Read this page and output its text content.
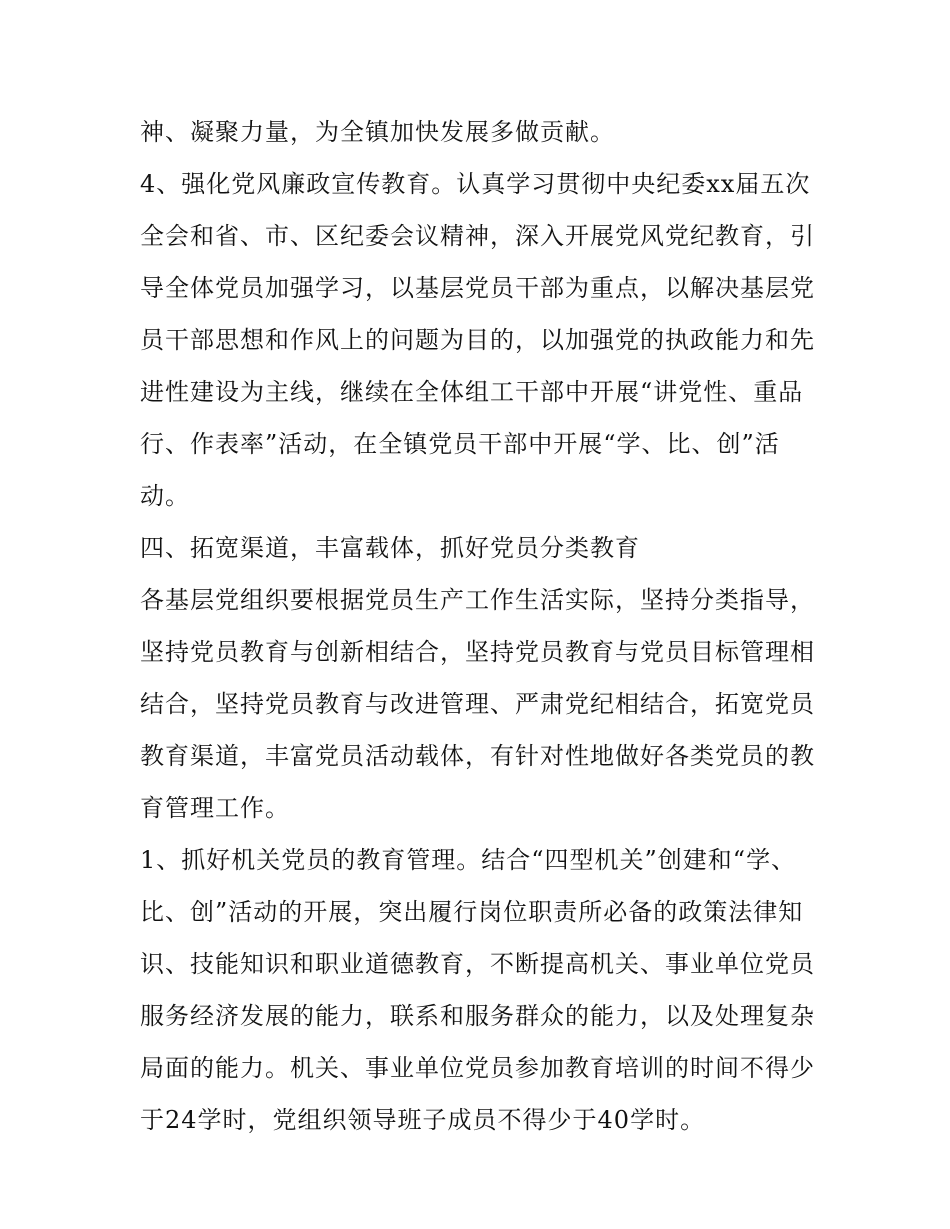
神、凝聚力量，为全镇加快发展多做贡献。
4、强化党风廉政宣传教育。认真学习贯彻中央纪委xx届五次
全会和省、市、区纪委会议精神，深入开展党风党纪教育，引
导全体党员加强学习，以基层党员干部为重点，以解决基层党
员干部思想和作风上的问题为目的，以加强党的执政能力和先
进性建设为主线，继续在全体组工干部中开展“讲党性、重品
行、作表率”活动，在全镇党员干部中开展“学、比、创”活
动。
四、拓宽渠道，丰富载体，抓好党员分类教育
各基层党组织要根据党员生产工作生活实际，坚持分类指导，
坚持党员教育与创新相结合，坚持党员教育与党员目标管理相
结合，坚持党员教育与改进管理、严肃党纪相结合，拓宽党员
教育渠道，丰富党员活动载体，有针对性地做好各类党员的教
育管理工作。
1、抓好机关党员的教育管理。结合“四型机关”创建和“学、
比、创”活动的开展，突出履行岗位职责所必备的政策法律知
识、技能知识和职业道德教育，不断提高机关、事业单位党员
服务经济发展的能力，联系和服务群众的能力，以及处理复杂
局面的能力。机关、事业单位党员参加教育培训的时间不得少
于24学时，党组织领导班子成员不得少于40学时。
